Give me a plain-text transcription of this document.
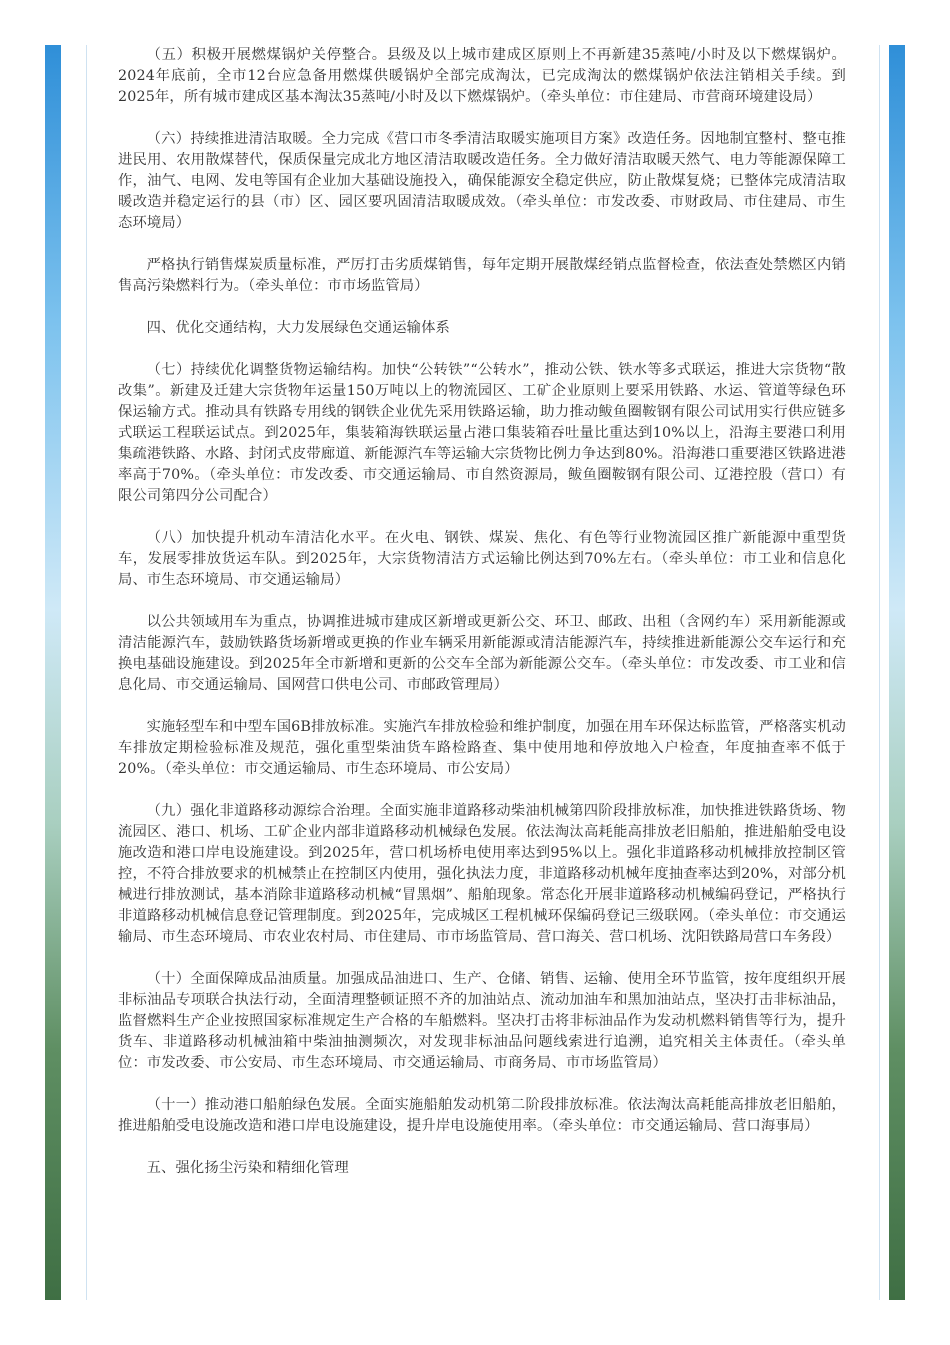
（五）积极开展燃煤锅炉关停整合。县级及以上城市建成区原则上不再新建35蒸吨/小时及以下燃煤锅炉。2024年底前，全市12台应急备用燃煤供暖锅炉全部完成淘汰，已完成淘汰的燃煤锅炉依法注销相关手续。到2025年，所有城市建成区基本淘汰35蒸吨/小时及以下燃煤锅炉。（牵头单位：市住建局、市营商环境建设局）

（六）持续推进清洁取暖。全力完成《营口市冬季清洁取暖实施项目方案》改造任务。因地制宜整村、整屯推进民用、农用散煤替代，保质保量完成北方地区清洁取暖改造任务。全力做好清洁取暖天然气、电力等能源保障工作，油气、电网、发电等国有企业加大基础设施投入，确保能源安全稳定供应，防止散煤复烧；已整体完成清洁取暖改造并稳定运行的县（市）区、园区要巩固清洁取暖成效。（牵头单位：市发改委、市财政局、市住建局、市生态环境局）

严格执行销售煤炭质量标准，严厉打击劣质煤销售，每年定期开展散煤经销点监督检查，依法查处禁燃区内销售高污染燃料行为。（牵头单位：市市场监管局）

四、优化交通结构，大力发展绿色交通运输体系

（七）持续优化调整货物运输结构。加快“公转铁”“公转水”，推动公铁、铁水等多式联运，推进大宗货物“散改集”。新建及迁建大宗货物年运量150万吨以上的物流园区、工矿企业原则上要采用铁路、水运、管道等绿色环保运输方式。推动具有铁路专用线的钢铁企业优先采用铁路运输，助力推动鲅鱼圈鞍钢有限公司试用实行供应链多式联运工程联运试点。到2025年，集装箱海铁联运量占港口集装箱吞吐量比重达到10%以上，沿海主要港口利用集疏港铁路、水路、封闭式皮带廊道、新能源汽车等运输大宗货物比例力争达到80%。沿海港口重要港区铁路进港率高于70%。（牵头单位：市发改委、市交通运输局、市自然资源局，鲅鱼圈鞍钢有限公司、辽港控股（营口）有限公司第四分公司配合）

（八）加快提升机动车清洁化水平。在火电、钢铁、煤炭、焦化、有色等行业物流园区推广新能源中重型货车，发展零排放货运车队。到2025年，大宗货物清洁方式运输比例达到70%左右。（牵头单位：市工业和信息化局、市生态环境局、市交通运输局）

以公共领域用车为重点，协调推进城市建成区新增或更新公交、环卫、邮政、出租（含网约车）采用新能源或清洁能源汽车，鼓励铁路货场新增或更换的作业车辆采用新能源或清洁能源汽车，持续推进新能源公交车运行和充换电基础设施建设。到2025年全市新增和更新的公交车全部为新能源公交车。（牵头单位：市发改委、市工业和信息化局、市交通运输局、国网营口供电公司、市邮政管理局）

实施轻型车和中型车国6B排放标准。实施汽车排放检验和维护制度，加强在用车环保达标监管，严格落实机动车排放定期检验标准及规范，强化重型柴油货车路检路查、集中使用地和停放地入户检查，年度抽查率不低于20%。（牵头单位：市交通运输局、市生态环境局、市公安局）

（九）强化非道路移动源综合治理。全面实施非道路移动柴油机械第四阶段排放标准，加快推进铁路货场、物流园区、港口、机场、工矿企业内部非道路移动机械绿色发展。依法淘汰高耗能高排放老旧船舶，推进船舶受电设施改造和港口岸电设施建设。到2025年，营口机场桥电使用率达到95%以上。强化非道路移动机械排放控制区管控，不符合排放要求的机械禁止在控制区内使用，强化执法力度，非道路移动机械年度抽查率达到20%，对部分机械进行排放测试，基本消除非道路移动机械“冒黑烟”、船舶现象。常态化开展非道路移动机械编码登记，严格执行非道路移动机械信息登记管理制度。到2025年，完成城区工程机械环保编码登记三级联网。（牵头单位：市交通运输局、市生态环境局、市农业农村局、市住建局、市市场监管局、营口海关、营口机场、沈阳铁路局营口车务段）

（十）全面保障成品油质量。加强成品油进口、生产、仓储、销售、运输、使用全环节监管，按年度组织开展非标油品专项联合执法行动，全面清理整顿证照不齐的加油站点、流动加油车和黑加油站点，坚决打击非标油品，监督燃料生产企业按照国家标准规定生产合格的车船燃料。坚决打击将非标油品作为发动机燃料销售等行为，提升货车、非道路移动机械油箱中柴油抽测频次，对发现非标油品问题线索进行追溯，追究相关主体责任。（牵头单位：市发改委、市公安局、市生态环境局、市交通运输局、市商务局、市市场监管局）

（十一）推动港口船舶绿色发展。全面实施船舶发动机第二阶段排放标准。依法淘汰高耗能高排放老旧船舶，推进船舶受电设施改造和港口岸电设施建设，提升岸电设施使用率。（牵头单位：市交通运输局、营口海事局）

五、强化扬尘污染和精细化管理
